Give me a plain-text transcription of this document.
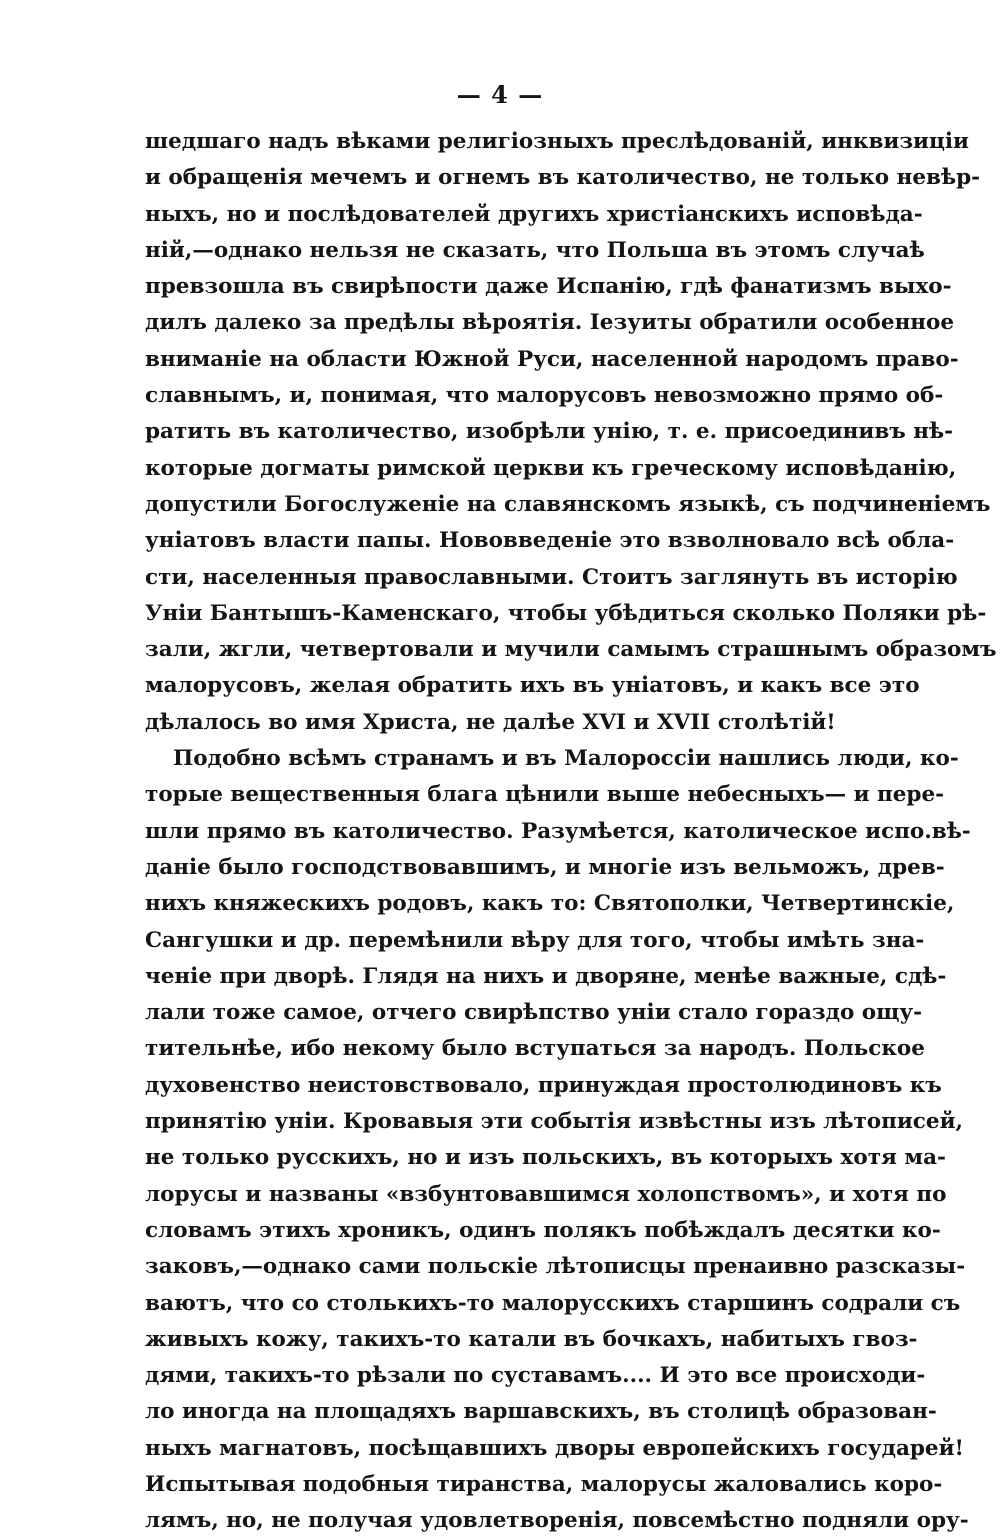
— 4 —
шедшаго надъ вѣками религіозныхъ преслѣдованій, инквизиціи
и обращенія мечемъ и огнемъ въ католичество, не только невѣр-
ныхъ, но и послѣдователей другихъ христіанскихъ исповѣда-
ній,—однако нельзя не сказать, что Польша въ этомъ случаѣ
превзошла въ свирѣпости даже Испанію, гдѣ фанатизмъ выхо-
дилъ далеко за предѣлы вѣроятія. Іезуиты обратили особенное
вниманіе на области Южной Руси, населенной народомъ право-
славнымъ, и, понимая, что малорусовъ невозможно прямо об-
ратить въ католичество, изобрѣли унію, т. е. присоединивъ нѣ-
которые догматы римской церкви къ греческому исповѣданію,
допустили Богослуженіе на славянскомъ языкѣ, съ подчиненіемъ
уніатовъ власти папы. Нововведеніе это взволновало всѣ обла-
сти, населенныя православными. Стоитъ заглянуть въ исторію
Уніи Бантышъ-Каменскаго, чтобы убѣдиться сколько Поляки рѣ-
зали, жгли, четвертовали и мучили самымъ страшнымъ образомъ
малорусовъ, желая обратить ихъ въ уніатовъ, и какъ все это
дѣлалось во имя Христа, не далѣе XVI и XVII столѣтій!
Подобно всѣмъ странамъ и въ Малороссіи нашлись люди, ко-
торые вещественныя блага цѣнили выше небесныхъ— и пере-
шли прямо въ католичество. Разумѣется, католическое испо.вѣ-
даніе было господствовавшимъ, и многіе изъ вельможъ, древ-
нихъ княжескихъ родовъ, какъ то: Святополки, Четвертинскіе,
Сангушки и др. перемѣнили вѣру для того, чтобы имѣть зна-
ченіе при дворѣ. Глядя на нихъ и дворяне, менѣе важные, сдѣ-
лали тоже самое, отчего свирѣпство уніи стало гораздо ощу-
тительнѣе, ибо некому было вступаться за народъ. Польское
духовенство неистовствовало, принуждая простолюдиновъ къ
принятію уніи. Кровавыя эти событія извѣстны изъ лѣтописей,
не только русскихъ, но и изъ польскихъ, въ которыхъ хотя ма-
лорусы и названы «взбунтовавшимся холопствомъ», и хотя по
словамъ этихъ хроникъ, одинъ полякъ побѣждалъ десятки ко-
заковъ,—однако сами польскіе лѣтописцы пренаивно разсказы-
ваютъ, что со столькихъ-то малорусскихъ старшинъ содрали съ
живыхъ кожу, такихъ-то катали въ бочкахъ, набитыхъ гвоз-
дями, такихъ-то рѣзали по суставамъ.... И это все происходи-
ло иногда на площадяхъ варшавскихъ, въ столицѣ образован-
ныхъ магнатовъ, посѣщавшихъ дворы европейскихъ государей!
Испытывая подобныя тиранства, малорусы жаловались коро-
лямъ, но, не получая удовлетворенія, повсемѣстно подняли ору-
